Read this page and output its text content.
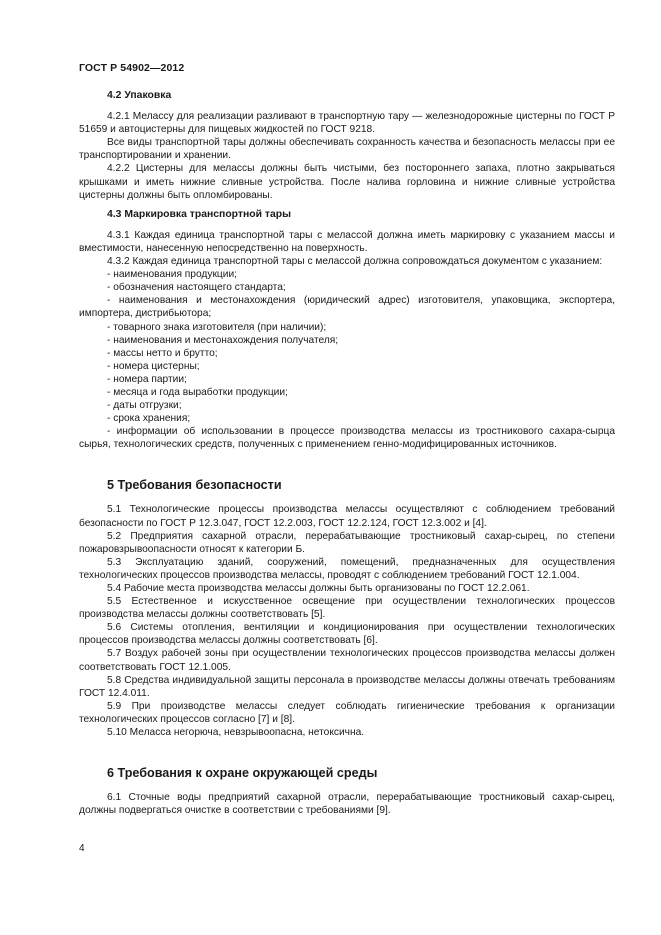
ГОСТ Р 54902—2012

4.2 Упаковка

4.2.1 Мелассу для реализации разливают в транспортную тару — железнодорожные цистерны по ГОСТ Р 51659 и автоцистерны для пищевых жидкостей по ГОСТ 9218.

Все виды транспортной тары должны обеспечивать сохранность качества и безопасность мелассы при ее транспортировании и хранении.

4.2.2 Цистерны для мелассы должны быть чистыми, без постороннего запаха, плотно закрываться крышками и иметь нижние сливные устройства. После налива горловина и нижние сливные устройства цистерны должны быть опломбированы.

4.3 Маркировка транспортной тары

4.3.1 Каждая единица транспортной тары с мелассой должна иметь маркировку с указанием массы и вместимости, нанесенную непосредственно на поверхность.

4.3.2 Каждая единица транспортной тары с мелассой должна сопровождаться документом с указанием:

- наименования продукции;

- обозначения настоящего стандарта;

- наименования и местонахождения (юридический адрес) изготовителя, упаковщика, экспортера, импортера, дистрибьютора;

- товарного знака изготовителя (при наличии);

- наименования и местонахождения получателя;

- массы нетто и брутто;

- номера цистерны;

- номера партии;

- месяца и года выработки продукции;

- даты отгрузки;

- срока хранения;

- информации об использовании в процессе производства мелассы из тростникового сахара-сырца сырья, технологических средств, полученных с применением генно-модифицированных источников.

5 Требования безопасности

5.1 Технологические процессы производства мелассы осуществляют с соблюдением требований безопасности по ГОСТ Р 12.3.047, ГОСТ 12.2.003, ГОСТ 12.2.124, ГОСТ 12.3.002 и [4].

5.2 Предприятия сахарной отрасли, перерабатывающие тростниковый сахар-сырец, по степени пожаровзрывоопасности относят к категории Б.

5.3 Эксплуатацию зданий, сооружений, помещений, предназначенных для осуществления технологических процессов производства мелассы, проводят с соблюдением требований ГОСТ 12.1.004.

5.4 Рабочие места производства мелассы должны быть организованы по ГОСТ 12.2.061.

5.5 Естественное и искусственное освещение при осуществлении технологических процессов производства мелассы должны соответствовать [5].

5.6 Системы отопления, вентиляции и кондиционирования при осуществлении технологических процессов производства мелассы должны соответствовать [6].

5.7 Воздух рабочей зоны при осуществлении технологических процессов производства мелассы должен соответствовать ГОСТ 12.1.005.

5.8 Средства индивидуальной защиты персонала в производстве мелассы должны отвечать требованиям ГОСТ 12.4.011.

5.9 При производстве мелассы следует соблюдать гигиенические требования к организации технологических процессов согласно [7] и [8].

5.10 Меласса негорюча, невзрывоопасна, нетоксична.

6 Требования к охране окружающей среды

6.1 Сточные воды предприятий сахарной отрасли, перерабатывающие тростниковый сахар-сырец, должны подвергаться очистке в соответствии с требованиями [9].

4
